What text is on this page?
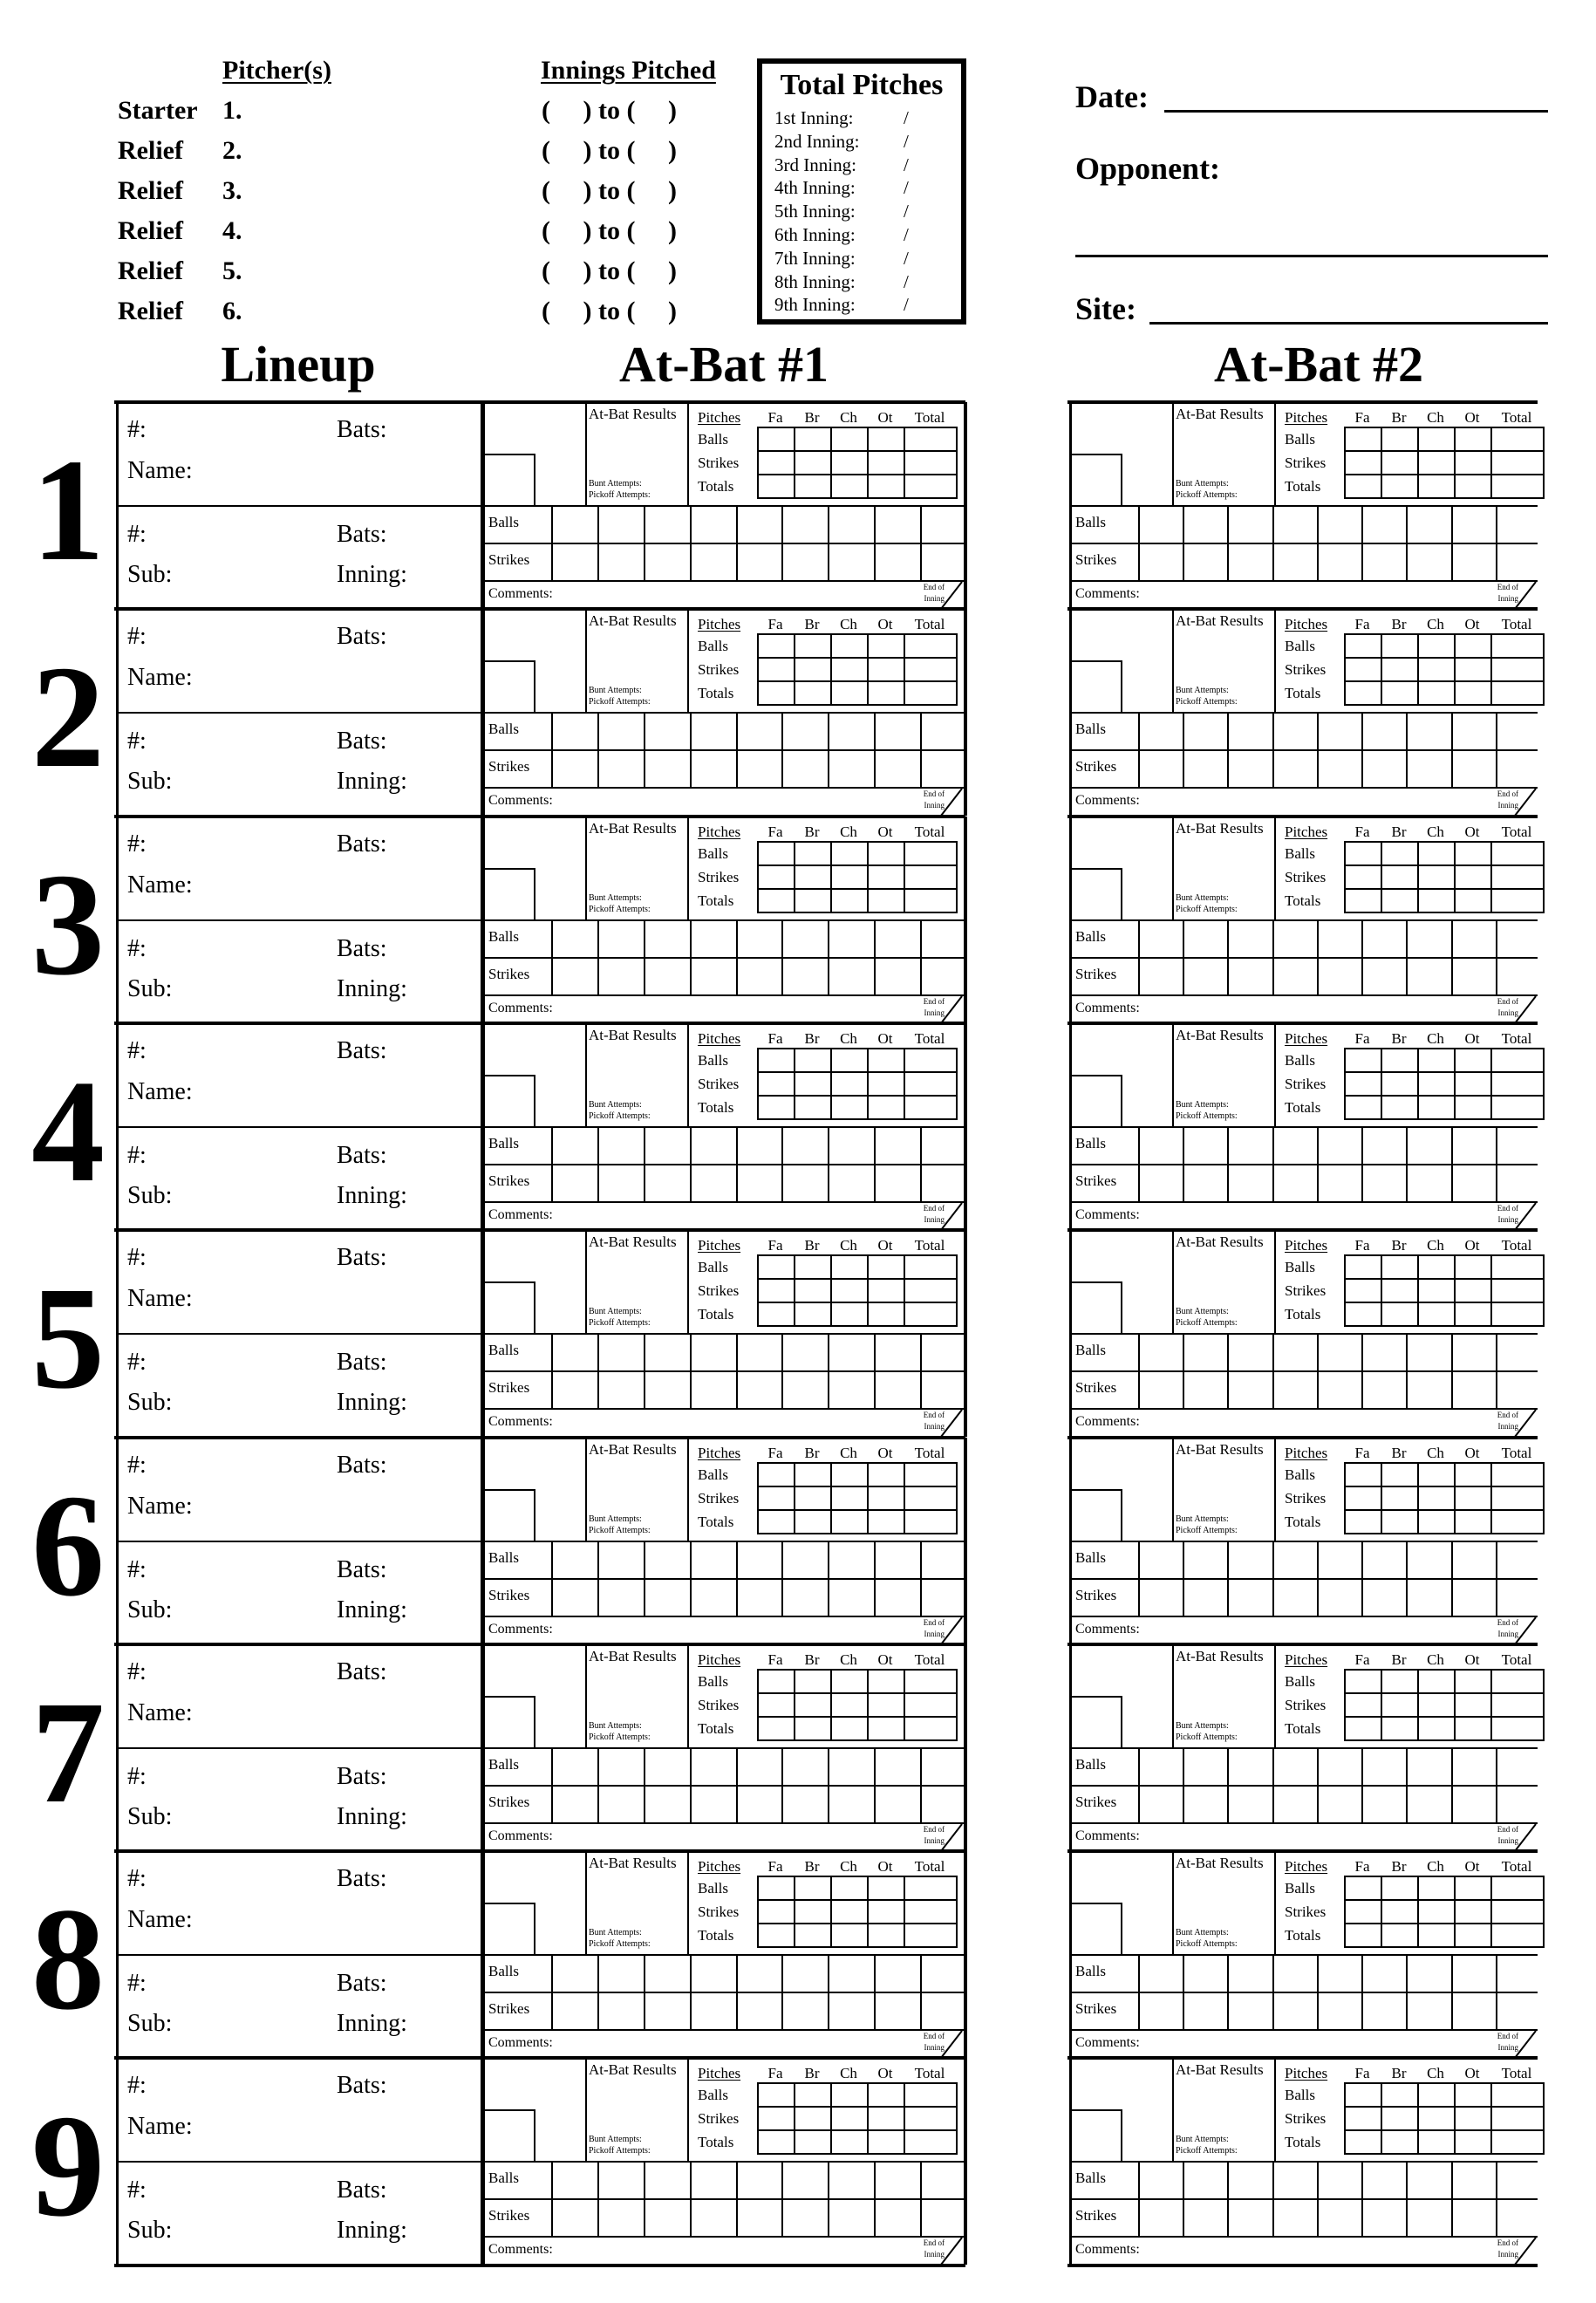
Pitcher(s)	Innings Pitched
Starter 1.	(     ) to (     )
Relief 2.	(     ) to (     )
Relief 3.	(     ) to (     )
Relief 4.	(     ) to (     )
Relief 5.	(     ) to (     )
Relief 6.	(     ) to (     )
Total Pitches
1st Inning:	/
2nd Inning: /
3rd Inning:	/
4th Inning:	/
5th Inning:	/
6th Inning:	/
7th Inning:	/
8th Inning:	/
9th Inning:	/
Date:
Opponent:
Site:
Lineup	At-Bat #1	At-Bat #2
1 #:	Bats:
Name:
#:	Bats:
Sub:	Inning:
At-Bat Results
Bunt Attempts:
Pickoff Attempts:
Pitches	Fa	Br	Ch	Ot	Total
Balls
Strikes
Totals
Balls
Strikes
Comments:	End of
Inning
At-Bat Results
Bunt Attempts:
Pickoff Attempts:
Pitches	Fa	Br	Ch	Ot	Total
Balls
Strikes
Totals
Balls
Strikes
Comments:	End of
Inning
2 #:	Bats:
Name:
#:	Bats:
Sub:	Inning:
At-Bat Results
Bunt Attempts:
Pickoff Attempts:
Pitches	Fa	Br	Ch	Ot	Total
Balls
Strikes
Totals
Balls
Strikes
Comments:	End of
Inning
At-Bat Results
Bunt Attempts:
Pickoff Attempts:
Pitches	Fa	Br	Ch	Ot	Total
Balls
Strikes
Totals
Balls
Strikes
Comments:	End of
Inning
3 #:	Bats:
Name:
#:	Bats:
Sub:	Inning:
At-Bat Results
Bunt Attempts:
Pickoff Attempts:
Pitches	Fa	Br	Ch	Ot	Total
Balls
Strikes
Totals
Balls
Strikes
Comments:	End of
Inning
At-Bat Results
Bunt Attempts:
Pickoff Attempts:
Pitches	Fa	Br	Ch	Ot	Total
Balls
Strikes
Totals
Balls
Strikes
Comments:	End of
Inning
4 #:	Bats:
Name:
#:	Bats:
Sub:	Inning:
At-Bat Results
Bunt Attempts:
Pickoff Attempts:
Pitches	Fa	Br	Ch	Ot	Total
Balls
Strikes
Totals
Balls
Strikes
Comments:	End of
Inning
At-Bat Results
Bunt Attempts:
Pickoff Attempts:
Pitches	Fa	Br	Ch	Ot	Total
Balls
Strikes
Totals
Balls
Strikes
Comments:	End of
Inning
5 #:	Bats:
Name:
#:	Bats:
Sub:	Inning:
At-Bat Results
Bunt Attempts:
Pickoff Attempts:
Pitches	Fa	Br	Ch	Ot	Total
Balls
Strikes
Totals
Balls
Strikes
Comments:	End of
Inning
At-Bat Results
Bunt Attempts:
Pickoff Attempts:
Pitches	Fa	Br	Ch	Ot	Total
Balls
Strikes
Totals
Balls
Strikes
Comments:	End of
Inning
6 #:	Bats:
Name:
#:	Bats:
Sub:	Inning:
At-Bat Results
Bunt Attempts:
Pickoff Attempts:
Pitches	Fa	Br	Ch	Ot	Total
Balls
Strikes
Totals
Balls
Strikes
Comments:	End of
Inning
At-Bat Results
Bunt Attempts:
Pickoff Attempts:
Pitches	Fa	Br	Ch	Ot	Total
Balls
Strikes
Totals
Balls
Strikes
Comments:	End of
Inning
7 #:	Bats:
Name:
#:	Bats:
Sub:	Inning:
At-Bat Results
Bunt Attempts:
Pickoff Attempts:
Pitches	Fa	Br	Ch	Ot	Total
Balls
Strikes
Totals
Balls
Strikes
Comments:	End of
Inning
At-Bat Results
Bunt Attempts:
Pickoff Attempts:
Pitches	Fa	Br	Ch	Ot	Total
Balls
Strikes
Totals
Balls
Strikes
Comments:	End of
Inning
8 #:	Bats:
Name:
#:	Bats:
Sub:	Inning:
At-Bat Results
Bunt Attempts:
Pickoff Attempts:
Pitches	Fa	Br	Ch	Ot	Total
Balls
Strikes
Totals
Balls
Strikes
Comments:	End of
Inning
At-Bat Results
Bunt Attempts:
Pickoff Attempts:
Pitches	Fa	Br	Ch	Ot	Total
Balls
Strikes
Totals
Balls
Strikes
Comments:	End of
Inning
9 #:	Bats:
Name:
#:	Bats:
Sub:	Inning:
At-Bat Results
Bunt Attempts:
Pickoff Attempts:
Pitches	Fa	Br	Ch	Ot	Total
Balls
Strikes
Totals
Balls
Strikes
Comments:	End of
Inning
At-Bat Results
Bunt Attempts:
Pickoff Attempts:
Pitches	Fa	Br	Ch	Ot	Total
Balls
Strikes
Totals
Balls
Strikes
Comments:	End of
Inning
